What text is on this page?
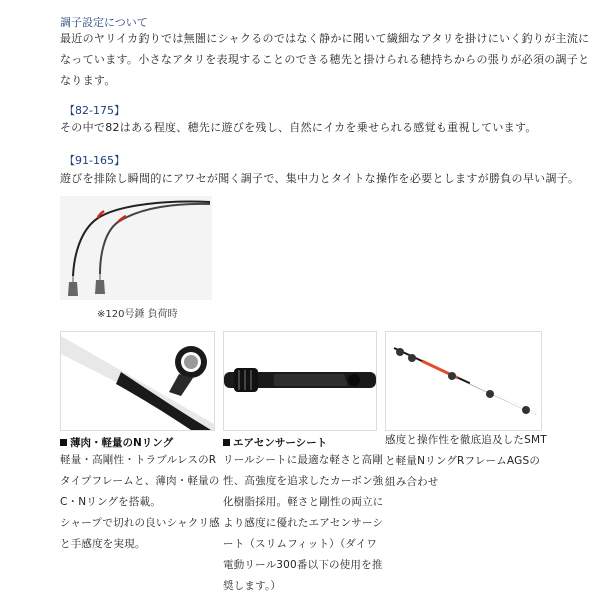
調子設定について
最近のヤリイカ釣りでは無闇にシャクるのではなく静かに聞いて繊細なアタリを掛けにいく釣りが主流に
なっています。小さなアタリを表現することのできる穂先と掛けられる穂持ちからの張りが必須の調子と
なります。
【82-175】
その中で82はある程度、穂先に遊びを残し、自然にイカを乗せられる感覚も重視しています。
【91-165】
遊びを排除し瞬間的にアワセが聞く調子で、集中力とタイトな操作を必要としますが勝負の早い調子。
※120号錘 負荷時
薄肉・軽量のNリング
軽量・高剛性・トラブルレスのR
タイプフレームと、薄肉・軽量の
C・Nリングを搭載。
シャープで切れの良いシャクリ感
と手感度を実現。
エアセンサーシート
リールシートに最適な軽さと高剛
性、高強度を追求したカーボン強
化樹脂採用。軽さと剛性の両立に
より感度に優れたエアセンサーシ
ート（スリムフィット）（ダイワ
電動リール300番以下の使用を推
奨します。）
感度と操作性を徹底追及したSMT
と軽量NリングRフレームAGSの
組み合わせ
